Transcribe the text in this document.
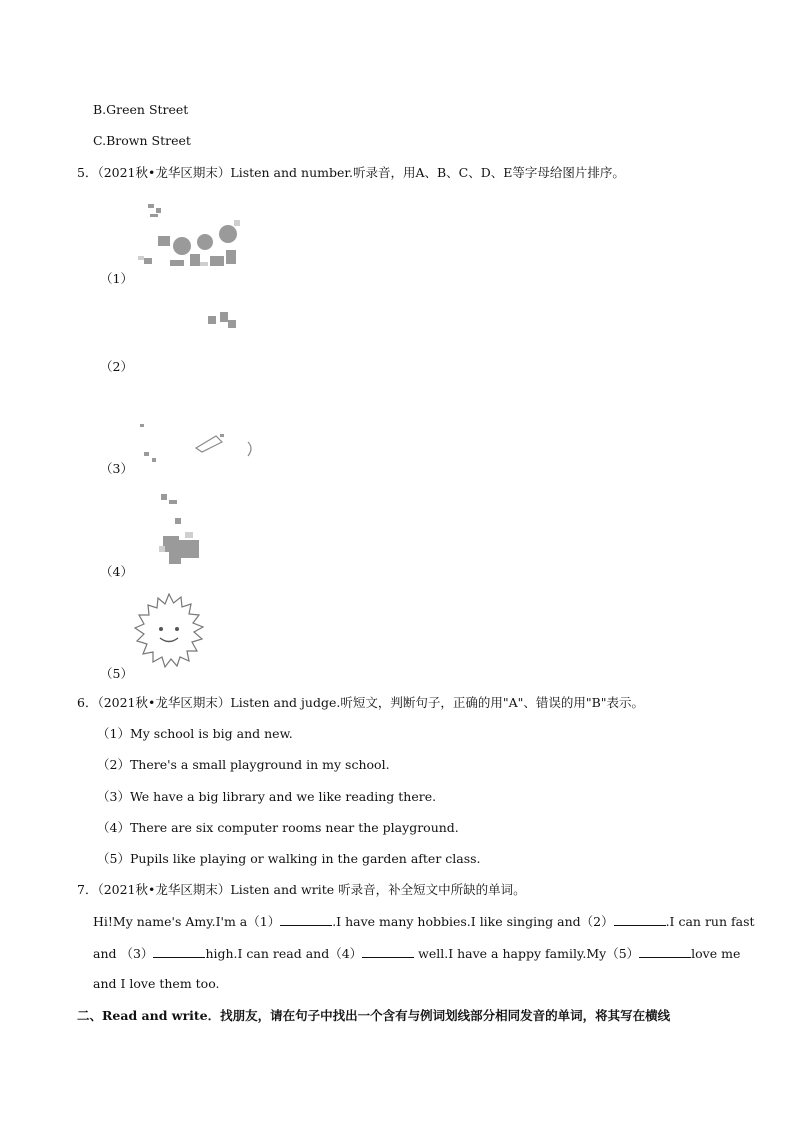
B.Green Street
C.Brown Street
5．（2021秋•龙华区期末）Listen and number.听录音，用A、B、C、D、E等字母给图片排序。
（1）
（2）
（3）
（4）
（5）
6．（2021秋•龙华区期末）Listen and judge.听短文，判断句子，正确的用"A"、错误的用"B"表示。
（1）My school is big and new.
（2）There's a small playground in my school.
（3）We have a big library and we like reading there.
（4）There are six computer rooms near the playground.
（5）Pupils like playing or walking in the garden after class.
7．（2021秋•龙华区期末）Listen and write 听录音，补全短文中所缺的单词。
Hi!My name's Amy.I'm a（1）	.I have many hobbies.I like singing and（2）	.I can run fast
and （3）	high.I can read and（4）	well.I have a happy family.My（5）	love me
and I love them too.
二、Read and write．找朋友，请在句子中找出一个含有与例词划线部分相同发音的单词，将其写在横线
